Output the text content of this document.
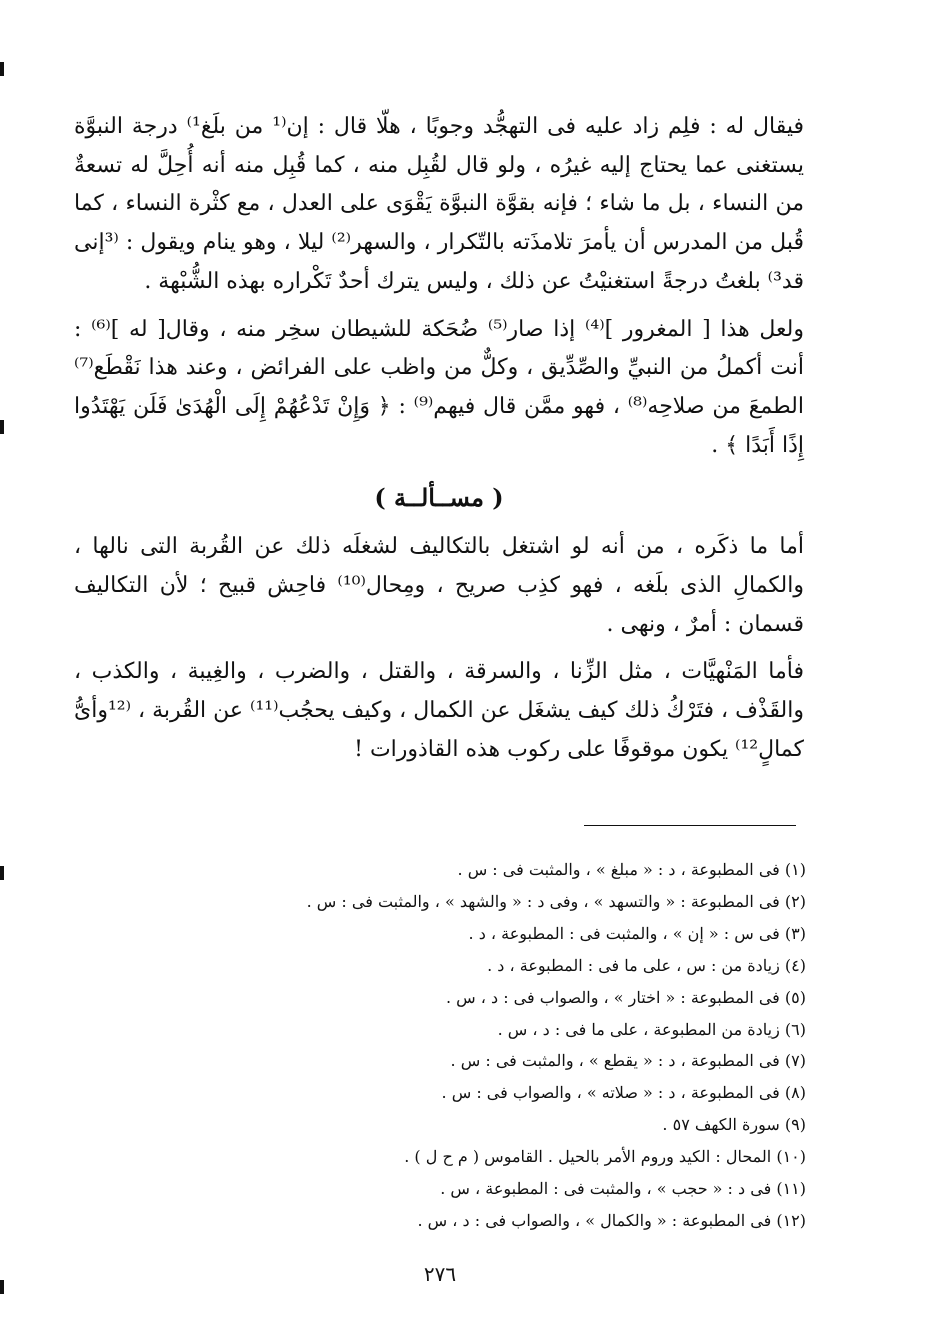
فيقال له : فلِم زاد عليه فى التهجُّد وجوبًا ، هلّا قال : إن⁽¹ من بلَغ¹⁾ درجة النبوَّة يستغنى عما يحتاج إليه غيرُه ، ولو قال لقُبِل منه ، كما قُبِل منه أنه أُحِلَّ له تسعةٌ من النساء ، بل ما شاء ؛ فإنه بقوَّة النبوَّة يَقْوَى على العدل ، مع كثْرة النساء ، كما قُبل من المدرس أن يأمرَ تلامذَته بالتّكرار ، والسهر⁽²⁾ ليلا ، وهو ينام ويقول : ⁽³إنى قد³⁾ بلغتُ درجةً استغنيْتُ عن ذلك ، وليس يترك أحدٌ تَكْراره بهذه الشُّبْهة .

ولعل هذا [ المغرور ]⁽⁴⁾ إذا صار⁽⁵⁾ ضُحَكة للشيطان سخِر منه ، وقال[ له ]⁽⁶⁾ : أنت أكملُ من النبيِّ والصِّدِّيق ، وكلٌّ من واظب على الفرائض ، وعند هذا نَقْطَع⁽⁷⁾ الطمعَ من صلاحِه⁽⁸⁾ ، فهو ممَّن قال فيهم⁽⁹⁾ : ﴿ وَإِنْ تَدْعُهُمْ إِلَى الْهُدَىٰ فَلَن يَهْتَدُوا إِذًا أَبَدًا ﴾ .

( مســألــة )

أما ما ذكَره ، من أنه لو اشتغل بالتكاليف لشغلَه ذلك عن القُربة التى نالها ، والكمالِ الذى بلَغه ، فهو كذِب صريح ، ومِحال⁽¹⁰⁾ فاحِش قبيح ؛ لأن التكاليف قسمان : أمرٌ ، ونهى .

فأما المَنْهيَّات ، مثل الزِّنا ، والسرقة ، والقتل ، والضرب ، والغِيبة ، والكذب ، والقَذْف ، فتَرْكُ ذلك كيف يشغَل عن الكمال ، وكيف يحجُب⁽¹¹⁾ عن القُربة ، ⁽¹²وأىُّ كمالٍ¹²⁾ يكون موقوفًا على ركوب هذه القاذورات !

(١) فى المطبوعة ، د : « مبلغ » ، والمثبت فى : س .

(٢) فى المطبوعة : « والتسهد » ، وفى د : « والشهد » ، والمثبت فى : س .

(٣) فى س : « إن » ، والمثبت فى : المطبوعة ، د .

(٤) زيادة من : س ، على ما فى : المطبوعة ، د .

(٥) فى المطبوعة : « اختار » ، والصواب فى : د ، س .

(٦) زيادة من المطبوعة ، على ما فى : د ، س .

(٧) فى المطبوعة ، د : « يقطع » ، والمثبت فى : س .

(٨) فى المطبوعة ، د : « صلاته » ، والصواب فى : س .

(٩) سورة الكهف ٥٧ .

(١٠) المحال : الكيد وروم الأمر بالحيل . القاموس ( م ح ل ) .

(١١) فى د : « حجب » ، والمثبت فى : المطبوعة ، س .

(١٢) فى المطبوعة : « والكمال » ، والصواب فى : د ، س .

٢٧٦
